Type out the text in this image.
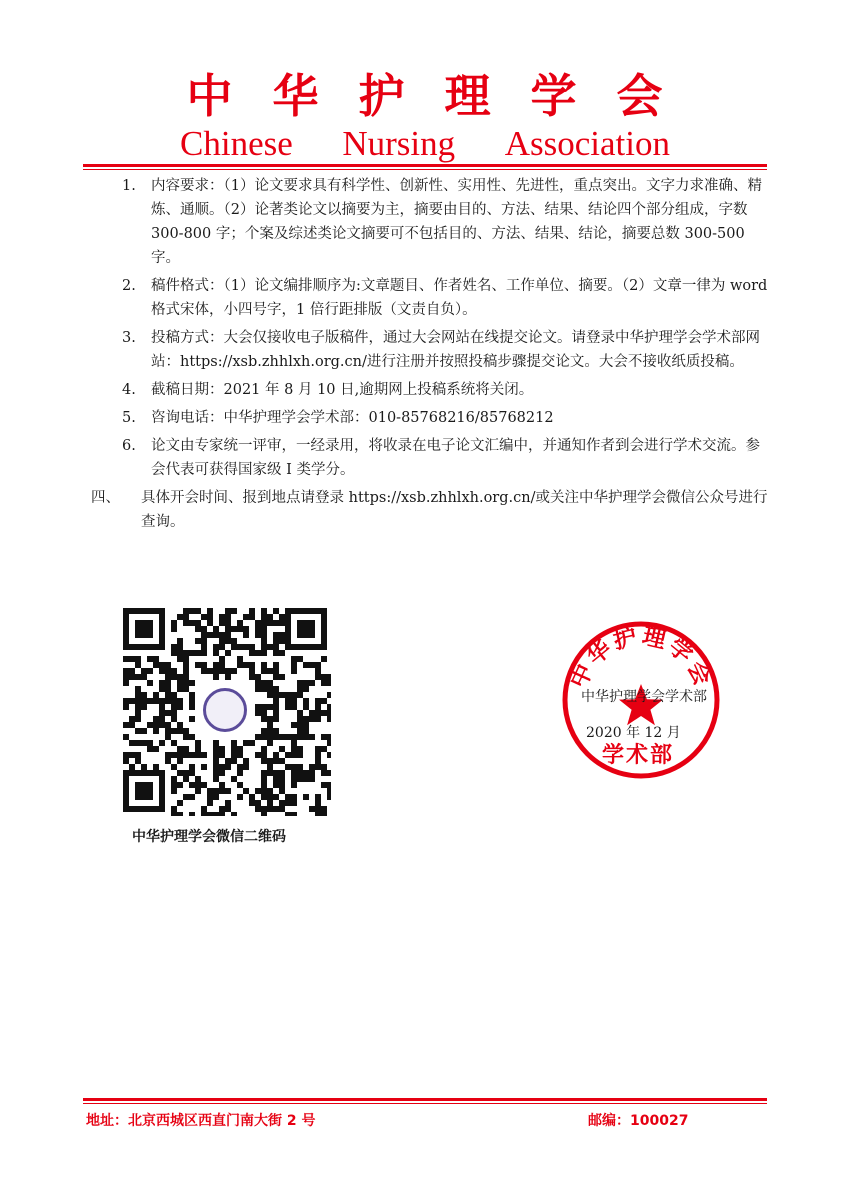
中华护理学会
Chinese Nursing Association
1. 内容要求：（1）论文要求具有科学性、创新性、实用性、先进性，重点突出。文字力求准确、精炼、通顺。（2）论著类论文以摘要为主，摘要由目的、方法、结果、结论四个部分组成，字数 300-800 字；个案及综述类论文摘要可不包括目的、方法、结果、结论，摘要总数 300-500 字。
2. 稿件格式：（1）论文编排顺序为:文章题目、作者姓名、工作单位、摘要。（2）文章一律为 word 格式宋体，小四号字，1 倍行距排版（文责自负）。
3. 投稿方式：大会仅接收电子版稿件，通过大会网站在线提交论文。请登录中华护理学会学术部网站：https://xsb.zhhlxh.org.cn/进行注册并按照投稿步骤提交论文。大会不接收纸质投稿。
4. 截稿日期：2021 年 8 月 10 日,逾期网上投稿系统将关闭。
5. 咨询电话：中华护理学会学术部：010-85768216/85768212
6. 论文由专家统一评审，一经录用，将收录在电子论文汇编中，并通知作者到会进行学术交流。参会代表可获得国家级 I 类学分。
四、 具体开会时间、报到地点请登录 https://xsb.zhhlxh.org.cn/或关注中华护理学会微信公众号进行查询。
中华护理学会微信二维码
中华护理学会
中华护理学会学术部
2020 年 12 月
学术部
地址：北京西城区西直门南大街 2 号	邮编：100027
